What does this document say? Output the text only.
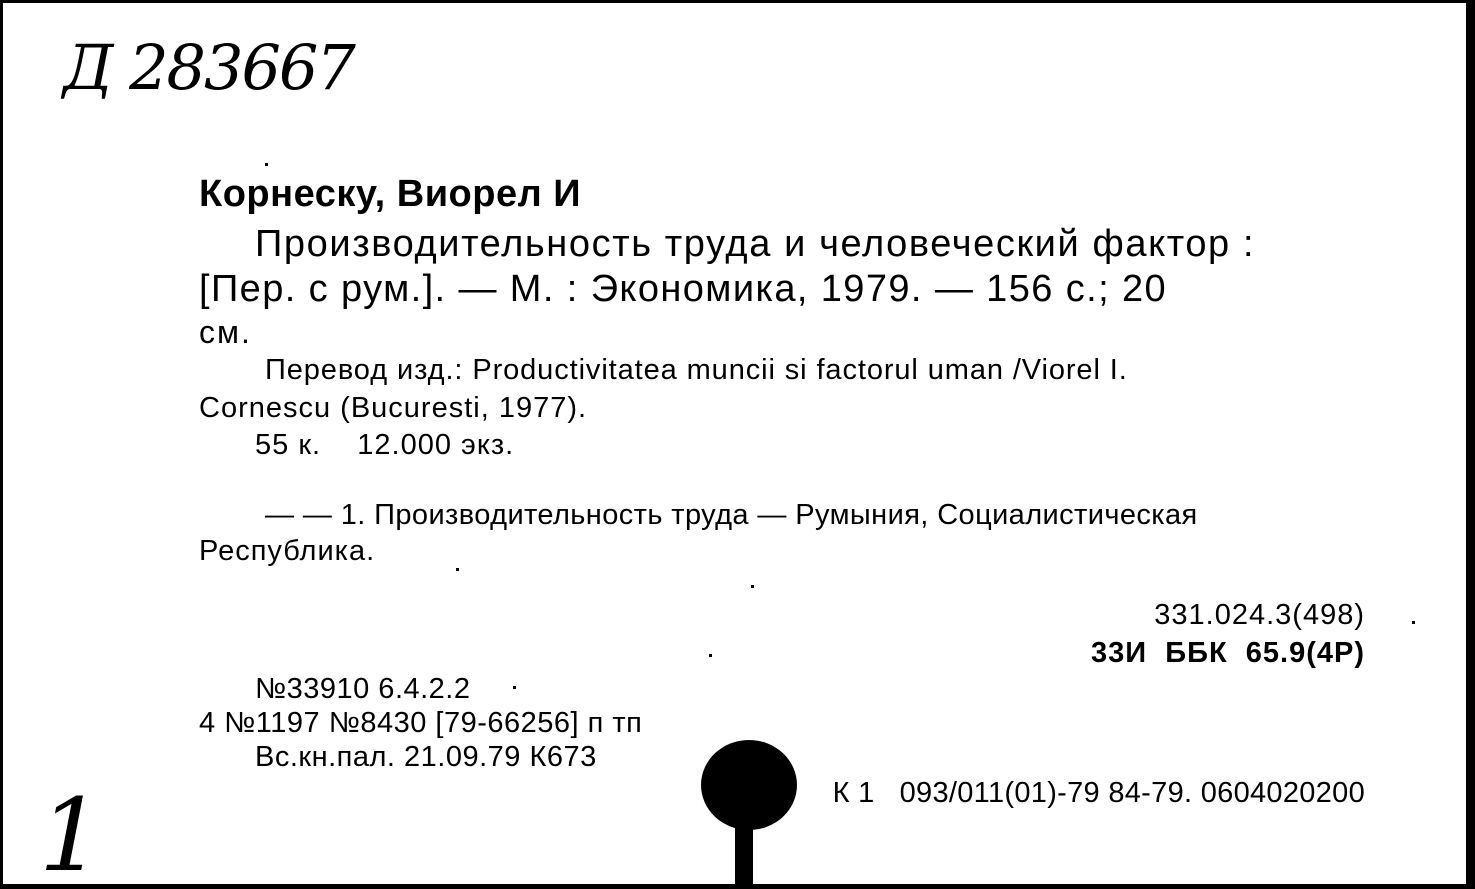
Д 283667
1
Корнеску, Виорел И
Производительность труда и человеческий фактор :
[Пер. с рум.]. — М. : Экономика, 1979. — 156 с.; 20
см.
Перевод изд.: Productivitatea muncii si factorul uman /Viorel I.
Cornescu (Bucuresti, 1977).
55 к.    12.000 экз.
— — 1. Производительность труда — Румыния, Социалистическая
Республика.
331.024.3(498)
33И  ББК  65.9(4Р)
№33910 6.4.2.2
4 №1197 №8430 [79-66256] п тп
Вс.кн.пал. 21.09.79 К673
К 1   093/011(01)-79 84-79. 0604020200
